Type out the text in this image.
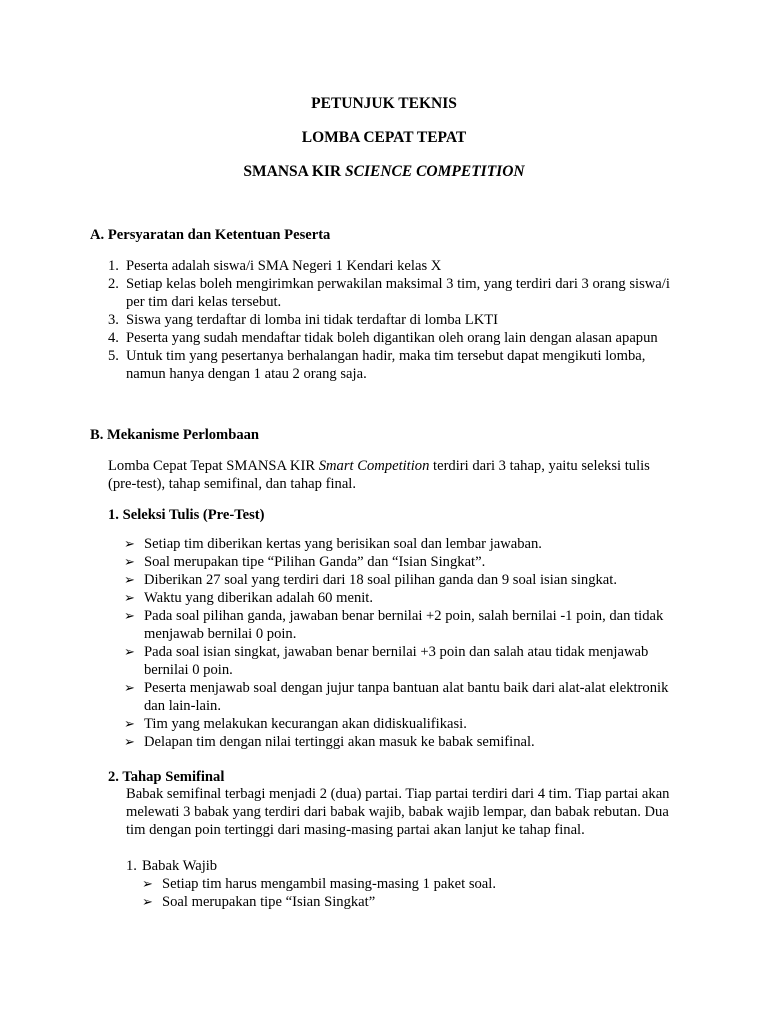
PETUNJUK TEKNIS
LOMBA CEPAT TEPAT
SMANSA KIR SCIENCE COMPETITION
A. Persyaratan dan Ketentuan Peserta
1. Peserta adalah siswa/i SMA Negeri 1 Kendari kelas X
2. Setiap kelas boleh mengirimkan perwakilan maksimal 3 tim, yang terdiri dari 3 orang siswa/i per tim dari kelas tersebut.
3. Siswa yang terdaftar di lomba ini tidak terdaftar di lomba LKTI
4. Peserta yang sudah mendaftar tidak boleh digantikan oleh orang lain dengan alasan apapun
5. Untuk tim yang pesertanya berhalangan hadir, maka tim tersebut dapat mengikuti lomba, namun hanya dengan 1 atau 2 orang saja.
B. Mekanisme Perlombaan

Lomba Cepat Tepat SMANSA KIR Smart Competition terdiri dari 3 tahap, yaitu seleksi tulis (pre-test), tahap semifinal, dan tahap final.

1. Seleksi Tulis (Pre-Test)
➢ Setiap tim diberikan kertas yang berisikan soal dan lembar jawaban.
➢ Soal merupakan tipe “Pilihan Ganda” dan “Isian Singkat”.
➢ Diberikan 27 soal yang terdiri dari 18 soal pilihan ganda dan 9 soal isian singkat.
➢ Waktu yang diberikan adalah 60 menit.
➢ Pada soal pilihan ganda, jawaban benar bernilai +2 poin, salah bernilai -1 poin, dan tidak menjawab bernilai 0 poin.
➢ Pada soal isian singkat, jawaban benar bernilai +3 poin dan salah atau tidak menjawab bernilai 0 poin.
➢ Peserta menjawab soal dengan jujur tanpa bantuan alat bantu baik dari alat-alat elektronik dan lain-lain.
➢ Tim yang melakukan kecurangan akan didiskualifikasi.
➢ Delapan tim dengan nilai tertinggi akan masuk ke babak semifinal.
2. Tahap Semifinal

Babak semifinal terbagi menjadi 2 (dua) partai. Tiap partai terdiri dari 4 tim. Tiap partai akan melewati 3 babak yang terdiri dari babak wajib, babak wajib lempar, dan babak rebutan. Dua tim dengan poin tertinggi dari masing-masing partai akan lanjut ke tahap final.

1. Babak Wajib
➢ Setiap tim harus mengambil masing-masing 1 paket soal.
➢ Soal merupakan tipe “Isian Singkat”
